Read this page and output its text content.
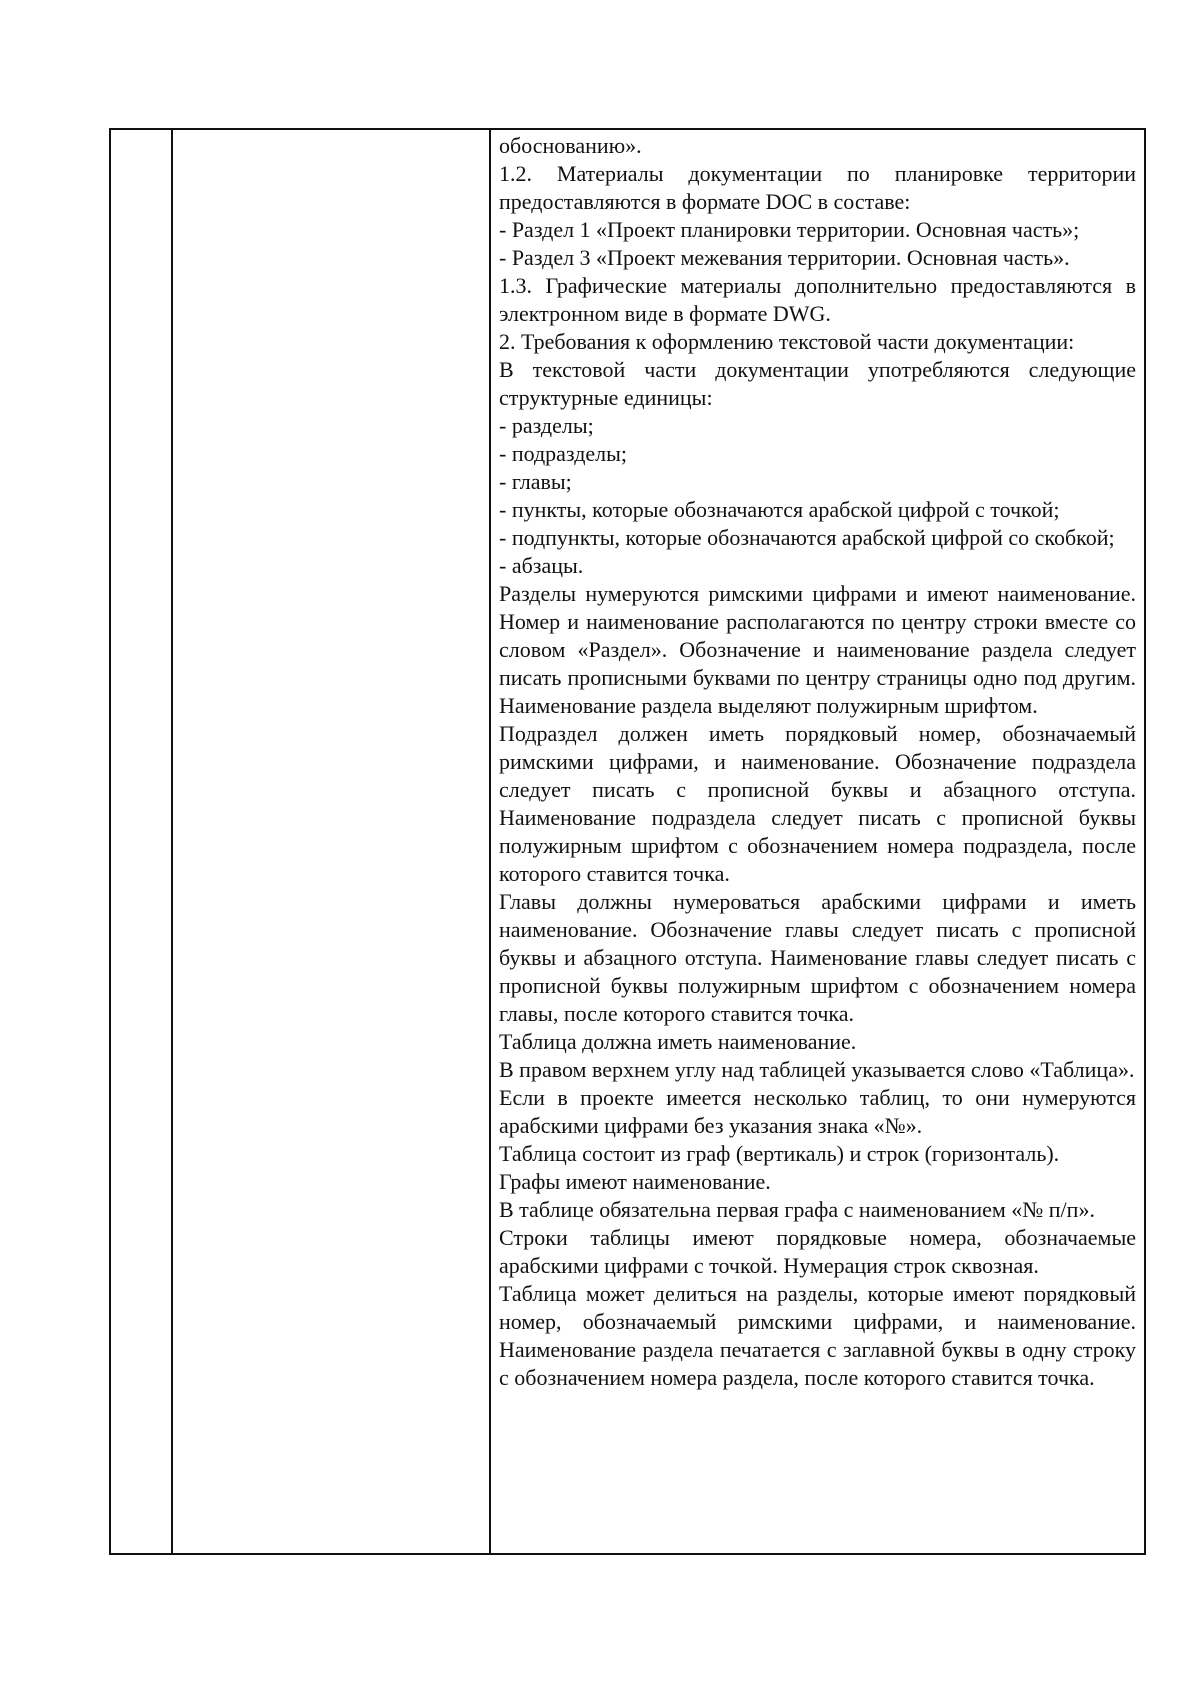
обоснованию».

1.2. Материалы документации по планировке территории предоставляются в формате DOC в составе:

- Раздел 1 «Проект планировки территории. Основная часть»;

- Раздел 3 «Проект межевания территории. Основная часть».

1.3. Графические материалы дополнительно предоставляются в электронном виде в формате DWG.

2. Требования к оформлению текстовой части документации:

В текстовой части документации употребляются следующие структурные единицы:

- разделы;

- подразделы;

- главы;

- пункты, которые обозначаются арабской цифрой с точкой;

- подпункты, которые обозначаются арабской цифрой со скобкой;

- абзацы.

Разделы нумеруются римскими цифрами и имеют наименование. Номер и наименование располагаются по центру строки вместе со словом «Раздел». Обозначение и наименование раздела следует писать прописными буквами по центру страницы одно под другим. Наименование раздела выделяют полужирным шрифтом.

Подраздел должен иметь порядковый номер, обозначаемый римскими цифрами, и наименование. Обозначение подраздела следует писать с прописной буквы и абзацного отступа. Наименование подраздела следует писать с прописной буквы полужирным шрифтом с обозначением номера подраздела, после которого ставится точка.

Главы должны нумероваться арабскими цифрами и иметь наименование. Обозначение главы следует писать с прописной буквы и абзацного отступа. Наименование главы следует писать с прописной буквы полужирным шрифтом с обозначением номера главы, после которого ставится точка.

Таблица должна иметь наименование.

В правом верхнем углу над таблицей указывается слово «Таблица».

Если в проекте имеется несколько таблиц, то они нумеруются арабскими цифрами без указания знака «№».

Таблица состоит из граф (вертикаль) и строк (горизонталь).

Графы имеют наименование.

В таблице обязательна первая графа с наименованием «№ п/п».

Строки таблицы имеют порядковые номера, обозначаемые арабскими цифрами с точкой. Нумерация строк сквозная.

Таблица может делиться на разделы, которые имеют порядковый номер, обозначаемый римскими цифрами, и наименование. Наименование раздела печатается с заглавной буквы в одну строку с обозначением номера раздела, после которого ставится точка.
